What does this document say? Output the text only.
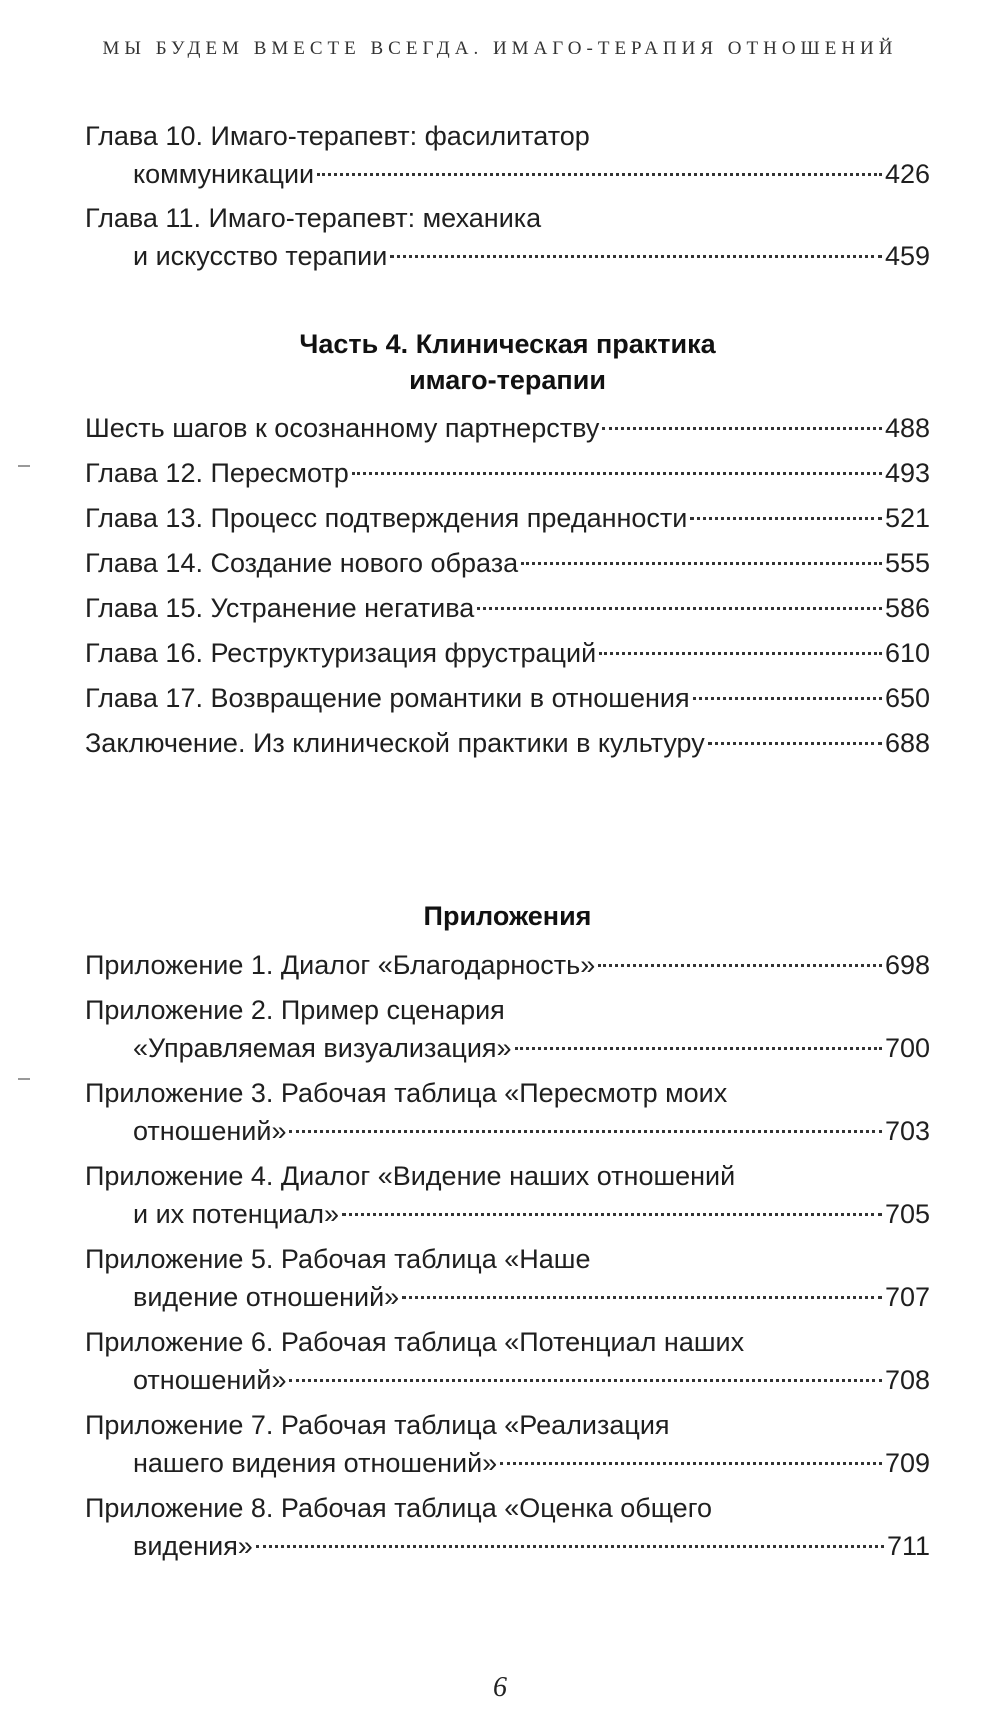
МЫ БУДЕМ ВМЕСТЕ ВСЕГДА. ИМАГО-ТЕРАПИЯ ОТНОШЕНИЙ
Глава 10. Имаго-терапевт: фасилитатор
коммуникации	426
Глава 11. Имаго-терапевт: механика
и искусство терапии	459
Часть 4. Клиническая практика
имаго-терапии
Шесть шагов к осознанному партнерству	488
Глава 12. Пересмотр	493
Глава 13. Процесс подтверждения преданности	521
Глава 14. Создание нового образа	555
Глава 15. Устранение негатива	586
Глава 16. Реструктуризация фрустраций	610
Глава 17. Возвращение романтики в отношения	650
Заключение. Из клинической практики в культуру	688
Приложения
Приложение 1. Диалог «Благодарность»	698
Приложение 2. Пример сценария
«Управляемая визуализация»	700
Приложение 3. Рабочая таблица «Пересмотр моих
отношений»	703
Приложение 4. Диалог «Видение наших отношений
и их потенциал»	705
Приложение 5. Рабочая таблица «Наше
видение отношений»	707
Приложение 6. Рабочая таблица «Потенциал наших
отношений»	708
Приложение 7. Рабочая таблица «Реализация
нашего видения отношений»	709
Приложение 8. Рабочая таблица «Оценка общего
видения»	711
6
